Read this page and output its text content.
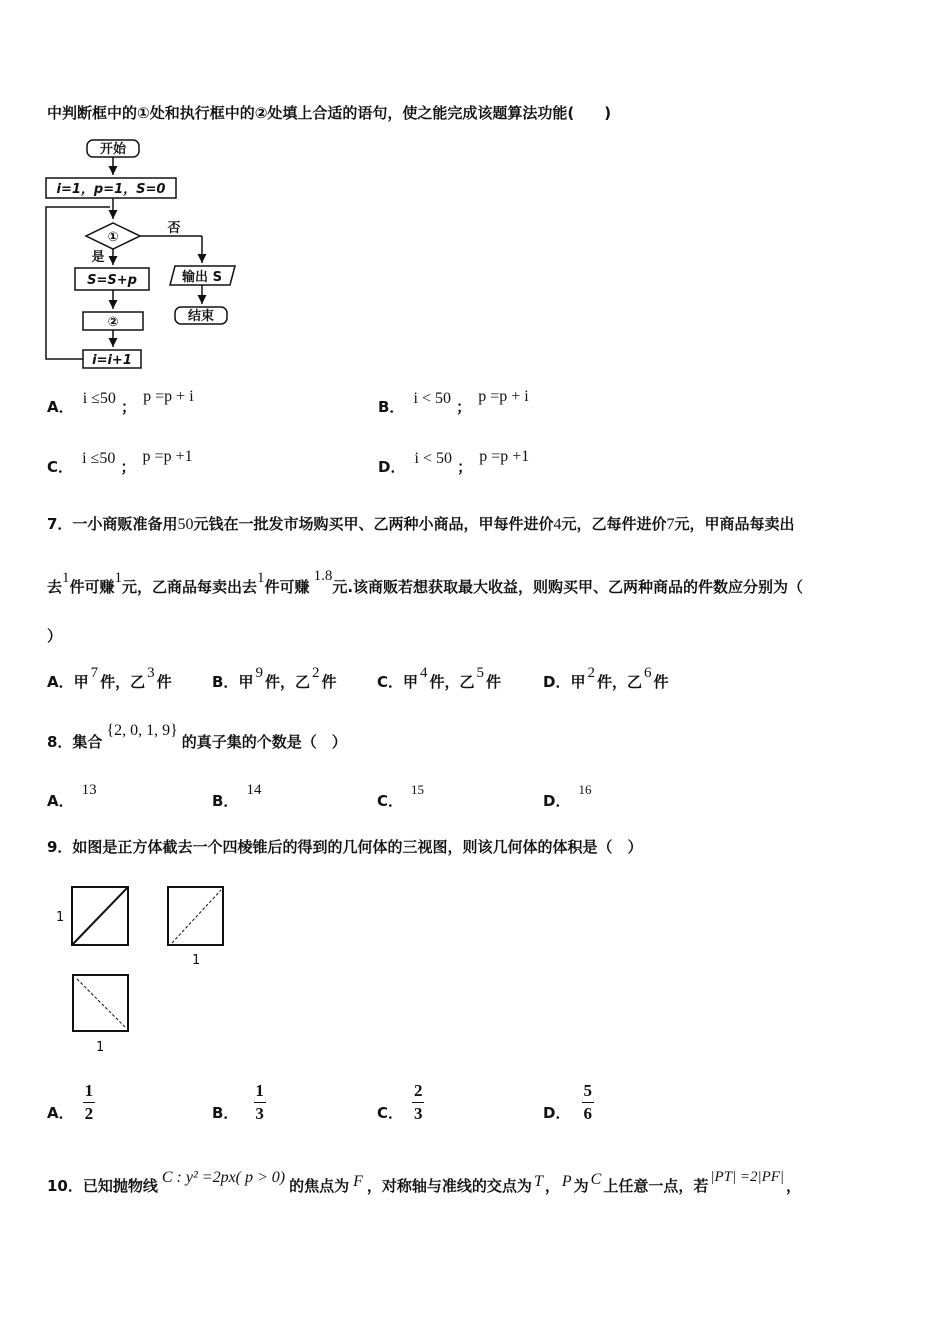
中判断框中的①处和执行框中的②处填上合适的语句，使之能完成该题算法功能(　　)
开始
i=1，p=1，S=0
①
否
是
S=S+p
②
i=i+1
输出 S
结束
A． i ≤50 ； p =p + i
B． i < 50 ； p =p + i
C． i ≤50 ； p =p +1
D． i < 50 ； p =p +1
7．一小商贩准备用50元钱在一批发市场购买甲、乙两种小商品，甲每件进价4元，乙每件进价7元，甲商品每卖出
去1件可赚1元，乙商品每卖出去1件可赚1.8元.该商贩若想获取最大收益，则购买甲、乙两种商品的件数应分别为（
）
A．甲 7 件，乙 3 件	B．甲 9 件，乙 2 件	C．甲 4 件，乙 5 件	D．甲 2 件，乙 6 件
8．集合{2, 0, 1, 9}的真子集的个数是（　）
A．13
B．14
C．15
D．16
9．如图是正方体截去一个四棱锥后的得到的几何体的三视图，则该几何体的体积是（　）
1
1
1
A． $\frac{1}{2}$	B． $\frac{1}{3}$	C． $\frac{2}{3}$	D． $\frac{5}{6}$
10．已知抛物线 C : y² =2px( p > 0) 的焦点为 F ，对称轴与准线的交点为 T ， P 为 C 上任意一点，若 |PT| =2|PF| ，
